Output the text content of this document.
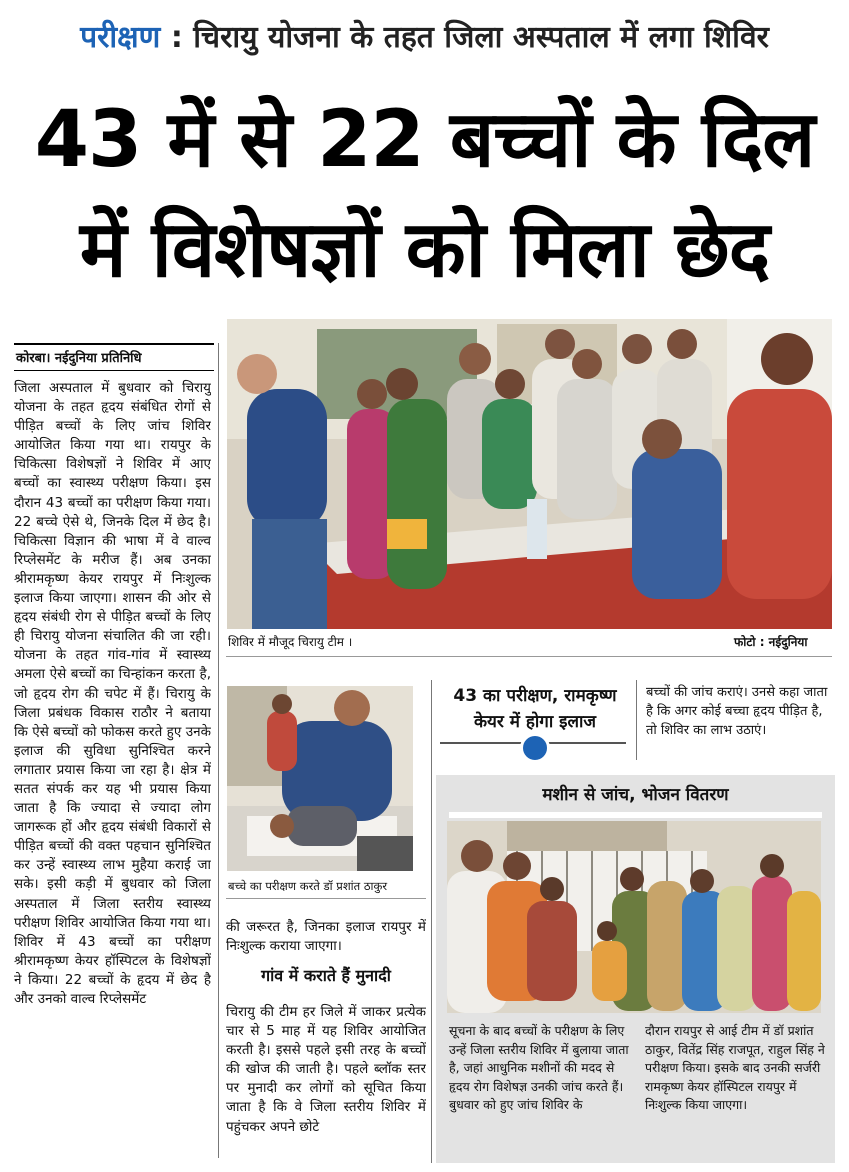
परीक्षण : चिरायु योजना के तहत जिला अस्पताल में लगा शिविर
43 में से 22 बच्चों के दिल
में विशेषज्ञों को मिला छेद
कोरबा। नईदुनिया प्रतिनिधि
जिला अस्पताल में बुधवार को चिरायु योजना के तहत हृदय संबंधित रोगों से पीड़ित बच्चों के लिए जांच शिविर आयोजित किया गया था। रायपुर के चिकित्सा विशेषज्ञों ने शिविर में आए बच्चों का स्वास्थ्य परीक्षण किया। इस दौरान 43 बच्चों का परीक्षण किया गया। 22 बच्चे ऐसे थे, जिनके दिल में छेद है। चिकित्सा विज्ञान की भाषा में वे वाल्व रिप्लेसमेंट के मरीज हैं। अब उनका श्रीरामकृष्ण केयर रायपुर में निःशुल्क इलाज किया जाएगा। शासन की ओर से हृदय संबंधी रोग से पीड़ित बच्चों के लिए ही चिरायु योजना संचालित की जा रही। योजना के तहत गांव-गांव में स्वास्थ्य अमला ऐसे बच्चों का चिन्हांकन करता है, जो हृदय रोग की चपेट में हैं। चिरायु के जिला प्रबंधक विकास राठौर ने बताया कि ऐसे बच्चों को फोकस करते हुए उनके इलाज की सुविधा सुनिश्चित करने लगातार प्रयास किया जा रहा है। क्षेत्र में सतत संपर्क कर यह भी प्रयास किया जाता है कि ज्यादा से ज्यादा लोग जागरूक हों और हृदय संबंधी विकारों से पीड़ित बच्चों की वक्त पहचान सुनिश्चित कर उन्हें स्वास्थ्य लाभ मुहैया कराई जा सके। इसी कड़ी में बुधवार को जिला अस्पताल में जिला स्तरीय स्वास्थ्य परीक्षण शिविर आयोजित किया गया था। शिविर में 43 बच्चों का परीक्षण श्रीरामकृष्ण केयर हॉस्पिटल के विशेषज्ञों ने किया। 22 बच्चों के हृदय में छेद है और उनको वाल्व रिप्लेसमेंट
शिविर में मौजूद चिरायु टीम ।	फोटो : नईदुनिया
बच्चे का परीक्षण करते डॉ प्रशांत ठाकुर
की जरूरत है, जिनका इलाज रायपुर में निःशुल्क कराया जाएगा।
गांव में कराते हैं मुनादी
चिरायु की टीम हर जिले में जाकर प्रत्येक चार से 5 माह में यह शिविर आयोजित करती है। इससे पहले इसी तरह के बच्चों की खोज की जाती है। पहले ब्लॉक स्तर पर मुनादी कर लोगों को सूचित किया जाता है कि वे जिला स्तरीय शिविर में पहुंचकर अपने छोटे
43 का परीक्षण, रामकृष्ण केयर में होगा इलाज
बच्चों की जांच कराएं। उनसे कहा जाता है कि अगर कोई बच्चा हृदय पीड़ित है, तो शिविर का लाभ उठाएं।
मशीन से जांच, भोजन वितरण
सूचना के बाद बच्चों के परीक्षण के लिए उन्हें जिला स्तरीय शिविर में बुलाया जाता है, जहां आधुनिक मशीनों की मदद से हृदय रोग विशेषज्ञ उनकी जांच करते हैं। बुधवार को हुए जांच शिविर के
दौरान रायपुर से आई टीम में डॉ प्रशांत ठाकुर, वितेंद्र सिंह राजपूत, राहुल सिंह ने परीक्षण किया। इसके बाद उनकी सर्जरी रामकृष्ण केयर हॉस्पिटल रायपुर में निःशुल्क किया जाएगा।
